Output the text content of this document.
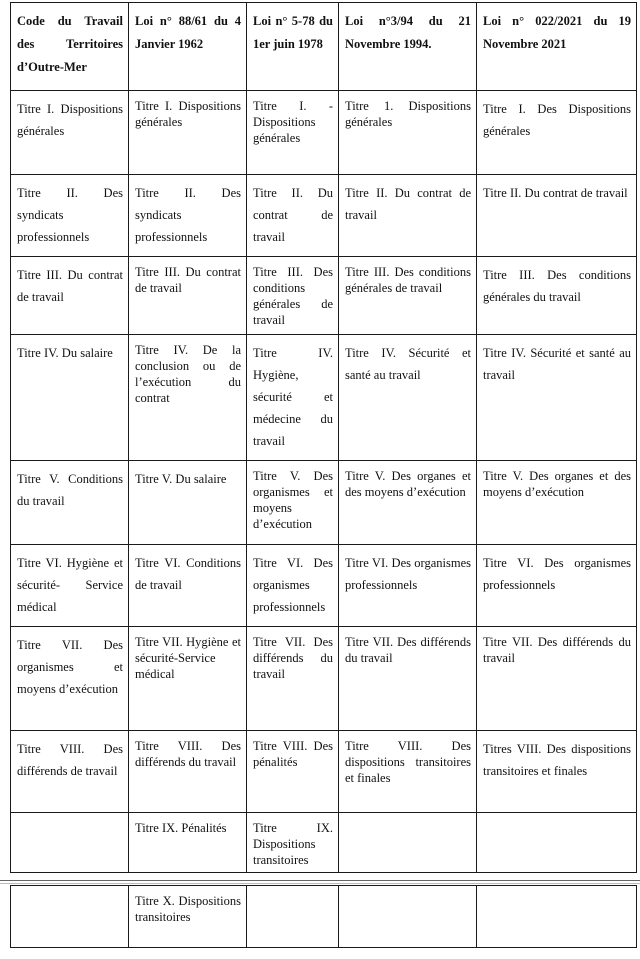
Code du Travail des Territoires d’Outre-Mer	Loi n° 88/61 du 4 Janvier 1962	Loi n° 5-78 du 1er juin 1978	Loi n°3/94 du 21 Novembre 1994.	Loi n° 022/2021 du 19 Novembre 2021
Titre I. Dispositions générales	Titre I. Dispositions générales	Titre I. - Dispositions générales	Titre 1. Dispositions générales	Titre I. Des Dispositions générales
Titre II. Des syndicats professionnels	Titre II. Des syndicats professionnels	Titre II. Du contrat de travail	Titre II. Du contrat de travail	Titre II. Du contrat de travail
Titre III. Du contrat de travail	Titre III. Du contrat de travail	Titre III. Des conditions générales de travail	Titre III. Des conditions générales de travail	Titre III. Des conditions générales du travail
Titre IV. Du salaire	Titre IV. De la conclusion ou de l’exécution du contrat	Titre IV. Hygiène, sécurité et médecine du travail	Titre IV. Sécurité et santé au travail	Titre IV. Sécurité et santé au travail
Titre V. Conditions du travail	Titre V. Du salaire	Titre V. Des organismes et moyens d’exécution	Titre V. Des organes et des moyens d’exécution	Titre V. Des organes et des moyens d’exécution
Titre VI. Hygiène et sécurité- Service médical	Titre VI. Conditions de travail	Titre VI. Des organismes professionnels	Titre VI. Des organismes professionnels	Titre VI. Des organismes professionnels
Titre VII. Des organismes et moyens d’exécution	Titre VII. Hygiène et sécurité-Service médical	Titre VII. Des différends du travail	Titre VII. Des différends du travail	Titre VII. Des différends du travail
Titre VIII. Des différends de travail	Titre VIII. Des différends du travail	Titre VIII. Des pénalités	Titre VIII. Des dispositions transitoires et finales	Titres VIII. Des dispositions transitoires et finales
	Titre IX. Pénalités	Titre IX. Dispositions transitoires		
	Titre X. Dispositions transitoires			
